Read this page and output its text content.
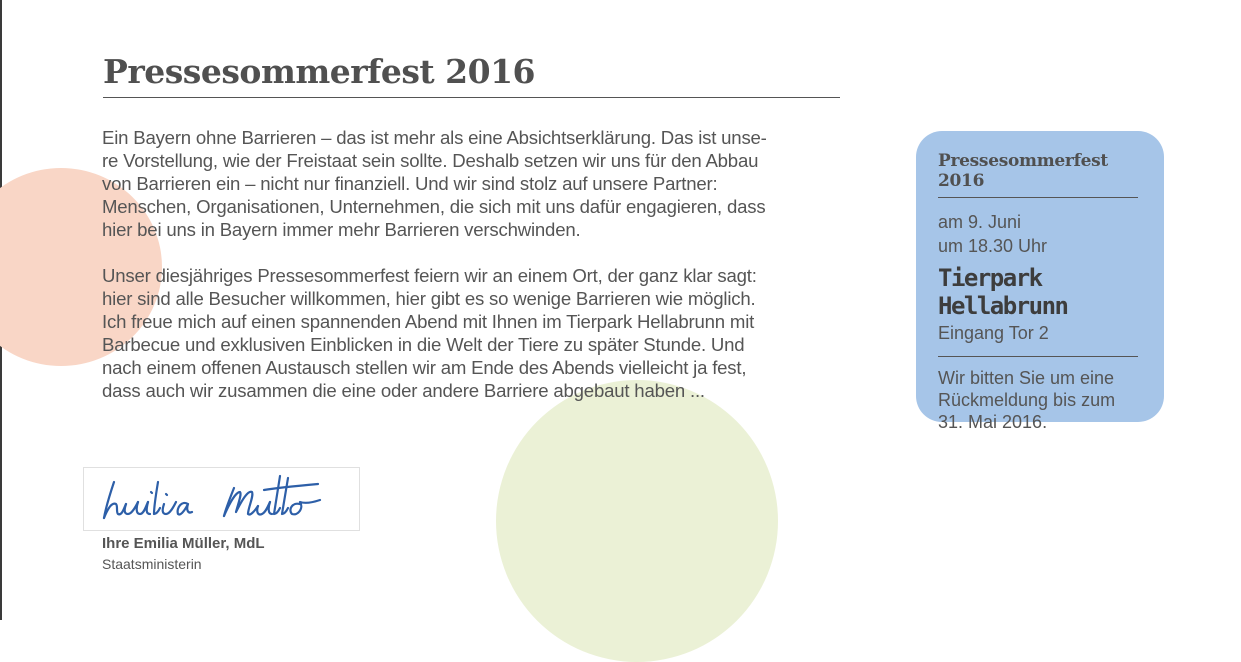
Pressesommerfest 2016

Ein Bayern ohne Barrieren – das ist mehr als eine Absichtserklärung. Das ist unse-
re Vorstellung, wie der Freistaat sein sollte. Deshalb setzen wir uns für den Abbau
von Barrieren ein – nicht nur finanziell. Und wir sind stolz auf unsere Partner:
Menschen, Organisationen, Unternehmen, die sich mit uns dafür engagieren, dass
hier bei uns in Bayern immer mehr Barrieren verschwinden.

Unser diesjähriges Pressesommerfest feiern wir an einem Ort, der ganz klar sagt:
hier sind alle Besucher willkommen, hier gibt es so wenige Barrieren wie möglich.
Ich freue mich auf einen spannenden Abend mit Ihnen im Tierpark Hellabrunn mit
Barbecue und exklusiven Einblicken in die Welt der Tiere zu später Stunde. Und
nach einem offenen Austausch stellen wir am Ende des Abends vielleicht ja fest,
dass auch wir zusammen die eine oder andere Barriere abgebaut haben ...

Ihre Emilia Müller, MdL
Staatsministerin
Pressesommerfest 2016
am 9. Juni
um 18.30 Uhr
Tierpark Hellabrunn
Eingang Tor 2
Wir bitten Sie um eine
Rückmeldung bis zum
31. Mai 2016.
